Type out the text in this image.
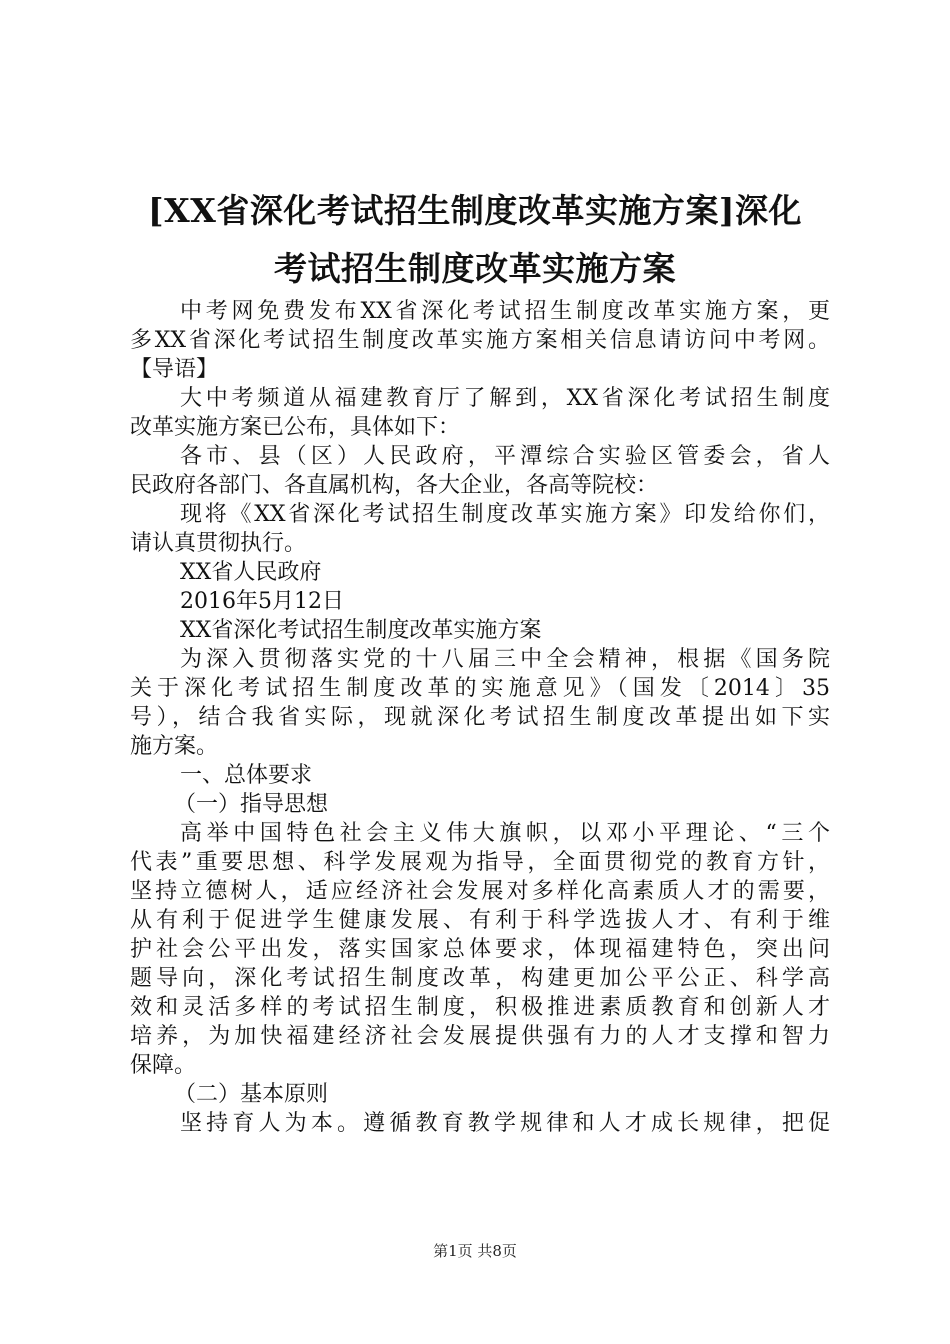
[XX省深化考试招生制度改革实施方案]深化
考试招生制度改革实施方案
中考网免费发布XX省深化考试招生制度改革实施方案，更
多XX省深化考试招生制度改革实施方案相关信息请访问中考网。
【导语】
大中考频道从福建教育厅了解到，XX省深化考试招生制度
改革实施方案已公布，具体如下：
各市、县（区）人民政府，平潭综合实验区管委会，省人
民政府各部门、各直属机构，各大企业，各高等院校：
现将《XX省深化考试招生制度改革实施方案》印发给你们，
请认真贯彻执行。
XX省人民政府
2016年5月12日
XX省深化考试招生制度改革实施方案
为深入贯彻落实党的十八届三中全会精神，根据《国务院
关于深化考试招生制度改革的实施意见》（国发〔2014〕35
号），结合我省实际，现就深化考试招生制度改革提出如下实
施方案。
一、总体要求
（一）指导思想
高举中国特色社会主义伟大旗帜，以邓小平理论、“三个
代表”重要思想、科学发展观为指导，全面贯彻党的教育方针，
坚持立德树人，适应经济社会发展对多样化高素质人才的需要，
从有利于促进学生健康发展、有利于科学选拔人才、有利于维
护社会公平出发，落实国家总体要求，体现福建特色，突出问
题导向，深化考试招生制度改革，构建更加公平公正、科学高
效和灵活多样的考试招生制度，积极推进素质教育和创新人才
培养，为加快福建经济社会发展提供强有力的人才支撑和智力
保障。
（二）基本原则
坚持育人为本。遵循教育教学规律和人才成长规律，把促
第1页 共8页
